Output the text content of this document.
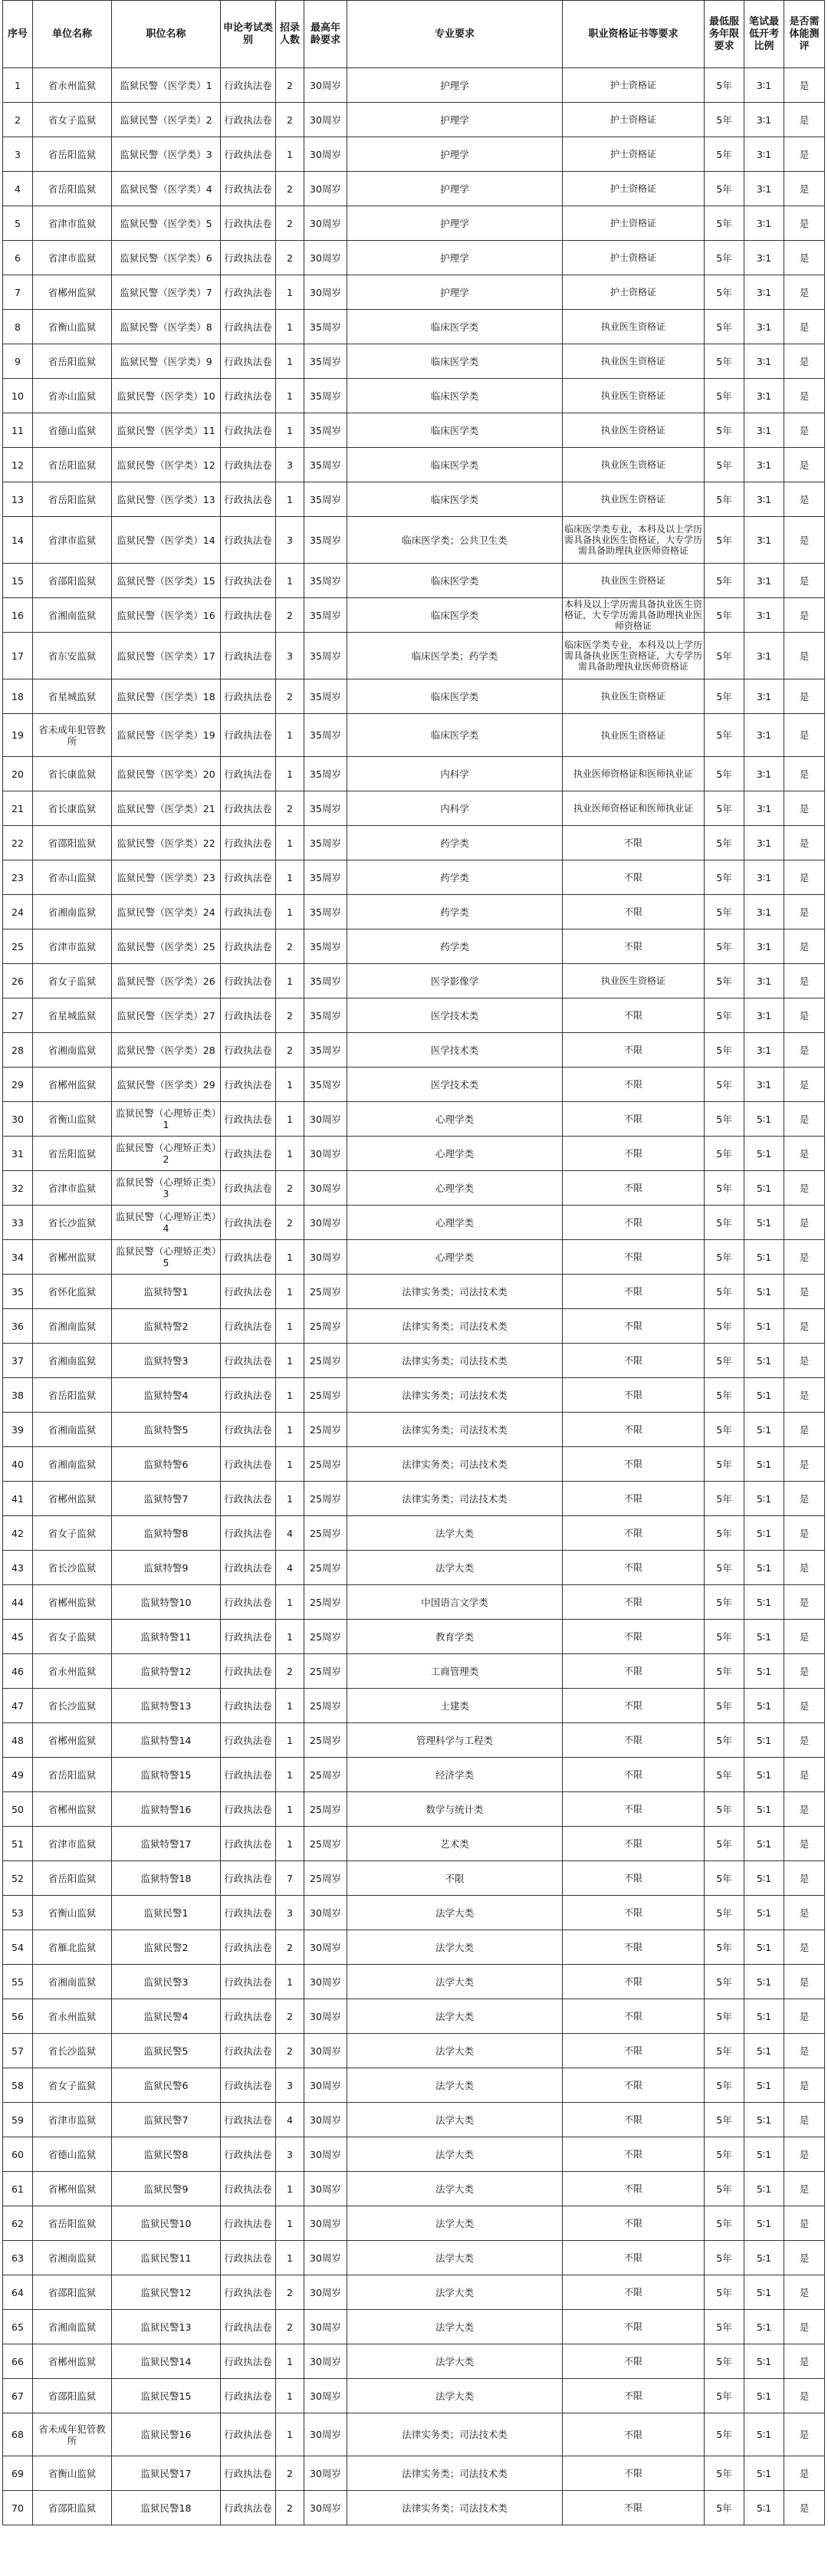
序号	单位名称	职位名称	申论考试类别	招录人数	最高年龄要求	专业要求	职业资格证书等要求	最低服务年限要求	笔试最低开考比例	是否需体能测评
1	省永州监狱	监狱民警（医学类）1	行政执法卷	2	30周岁	护理学	护士资格证	5年	3∶1	是
2	省女子监狱	监狱民警（医学类）2	行政执法卷	2	30周岁	护理学	护士资格证	5年	3∶1	是
3	省岳阳监狱	监狱民警（医学类）3	行政执法卷	1	30周岁	护理学	护士资格证	5年	3∶1	是
4	省岳阳监狱	监狱民警（医学类）4	行政执法卷	2	30周岁	护理学	护士资格证	5年	3∶1	是
5	省津市监狱	监狱民警（医学类）5	行政执法卷	2	30周岁	护理学	护士资格证	5年	3∶1	是
6	省津市监狱	监狱民警（医学类）6	行政执法卷	2	30周岁	护理学	护士资格证	5年	3∶1	是
7	省郴州监狱	监狱民警（医学类）7	行政执法卷	1	30周岁	护理学	护士资格证	5年	3∶1	是
8	省衡山监狱	监狱民警（医学类）8	行政执法卷	1	35周岁	临床医学类	执业医生资格证	5年	3∶1	是
9	省岳阳监狱	监狱民警（医学类）9	行政执法卷	1	35周岁	临床医学类	执业医生资格证	5年	3∶1	是
10	省赤山监狱	监狱民警（医学类）10	行政执法卷	1	35周岁	临床医学类	执业医生资格证	5年	3∶1	是
11	省德山监狱	监狱民警（医学类）11	行政执法卷	1	35周岁	临床医学类	执业医生资格证	5年	3∶1	是
12	省岳阳监狱	监狱民警（医学类）12	行政执法卷	3	35周岁	临床医学类	执业医生资格证	5年	3∶1	是
13	省岳阳监狱	监狱民警（医学类）13	行政执法卷	1	35周岁	临床医学类	执业医生资格证	5年	3∶1	是
14	省津市监狱	监狱民警（医学类）14	行政执法卷	3	35周岁	临床医学类；公共卫生类	临床医学类专业，本科及以上学历需具备执业医生资格证，大专学历需具备助理执业医师资格证	5年	3∶1	是
15	省邵阳监狱	监狱民警（医学类）15	行政执法卷	1	35周岁	临床医学类	执业医生资格证	5年	3∶1	是
16	省湘南监狱	监狱民警（医学类）16	行政执法卷	2	35周岁	临床医学类	本科及以上学历需具备执业医生资格证，大专学历需具备助理执业医师资格证	5年	3∶1	是
17	省东安监狱	监狱民警（医学类）17	行政执法卷	3	35周岁	临床医学类；药学类	临床医学类专业，本科及以上学历需具备执业医生资格证，大专学历需具备助理执业医师资格证	5年	3∶1	是
18	省星城监狱	监狱民警（医学类）18	行政执法卷	2	35周岁	临床医学类	执业医生资格证	5年	3∶1	是
19	省未成年犯管教所	监狱民警（医学类）19	行政执法卷	1	35周岁	临床医学类	执业医生资格证	5年	3∶1	是
20	省长康监狱	监狱民警（医学类）20	行政执法卷	1	35周岁	内科学	执业医师资格证和医师执业证	5年	3∶1	是
21	省长康监狱	监狱民警（医学类）21	行政执法卷	2	35周岁	内科学	执业医师资格证和医师执业证	5年	3∶1	是
22	省邵阳监狱	监狱民警（医学类）22	行政执法卷	1	35周岁	药学类	不限	5年	3∶1	是
23	省赤山监狱	监狱民警（医学类）23	行政执法卷	1	35周岁	药学类	不限	5年	3∶1	是
24	省湘南监狱	监狱民警（医学类）24	行政执法卷	1	35周岁	药学类	不限	5年	3∶1	是
25	省津市监狱	监狱民警（医学类）25	行政执法卷	2	35周岁	药学类	不限	5年	3∶1	是
26	省女子监狱	监狱民警（医学类）26	行政执法卷	1	35周岁	医学影像学	执业医生资格证	5年	3∶1	是
27	省星城监狱	监狱民警（医学类）27	行政执法卷	2	35周岁	医学技术类	不限	5年	3∶1	是
28	省湘南监狱	监狱民警（医学类）28	行政执法卷	2	35周岁	医学技术类	不限	5年	3∶1	是
29	省郴州监狱	监狱民警（医学类）29	行政执法卷	1	35周岁	医学技术类	不限	5年	3∶1	是
30	省衡山监狱	监狱民警（心理矫正类）1	行政执法卷	1	30周岁	心理学类	不限	5年	5∶1	是
31	省岳阳监狱	监狱民警（心理矫正类）2	行政执法卷	1	30周岁	心理学类	不限	5年	5∶1	是
32	省津市监狱	监狱民警（心理矫正类）3	行政执法卷	2	30周岁	心理学类	不限	5年	5∶1	是
33	省长沙监狱	监狱民警（心理矫正类）4	行政执法卷	2	30周岁	心理学类	不限	5年	5∶1	是
34	省郴州监狱	监狱民警（心理矫正类）5	行政执法卷	1	30周岁	心理学类	不限	5年	5∶1	是
35	省怀化监狱	监狱特警1	行政执法卷	1	25周岁	法律实务类；司法技术类	不限	5年	5∶1	是
36	省湘南监狱	监狱特警2	行政执法卷	1	25周岁	法律实务类；司法技术类	不限	5年	5∶1	是
37	省湘南监狱	监狱特警3	行政执法卷	1	25周岁	法律实务类；司法技术类	不限	5年	5∶1	是
38	省岳阳监狱	监狱特警4	行政执法卷	1	25周岁	法律实务类；司法技术类	不限	5年	5∶1	是
39	省湘南监狱	监狱特警5	行政执法卷	1	25周岁	法律实务类；司法技术类	不限	5年	5∶1	是
40	省湘南监狱	监狱特警6	行政执法卷	1	25周岁	法律实务类；司法技术类	不限	5年	5∶1	是
41	省郴州监狱	监狱特警7	行政执法卷	1	25周岁	法律实务类；司法技术类	不限	5年	5∶1	是
42	省女子监狱	监狱特警8	行政执法卷	4	25周岁	法学大类	不限	5年	5∶1	是
43	省长沙监狱	监狱特警9	行政执法卷	4	25周岁	法学大类	不限	5年	5∶1	是
44	省郴州监狱	监狱特警10	行政执法卷	1	25周岁	中国语言文学类	不限	5年	5∶1	是
45	省女子监狱	监狱特警11	行政执法卷	1	25周岁	教育学类	不限	5年	5∶1	是
46	省永州监狱	监狱特警12	行政执法卷	2	25周岁	工商管理类	不限	5年	5∶1	是
47	省长沙监狱	监狱特警13	行政执法卷	1	25周岁	土建类	不限	5年	5∶1	是
48	省郴州监狱	监狱特警14	行政执法卷	1	25周岁	管理科学与工程类	不限	5年	5∶1	是
49	省岳阳监狱	监狱特警15	行政执法卷	1	25周岁	经济学类	不限	5年	5∶1	是
50	省郴州监狱	监狱特警16	行政执法卷	1	25周岁	数学与统计类	不限	5年	5∶1	是
51	省津市监狱	监狱特警17	行政执法卷	1	25周岁	艺术类	不限	5年	5∶1	是
52	省岳阳监狱	监狱特警18	行政执法卷	7	25周岁	不限	不限	5年	5∶1	是
53	省衡山监狱	监狱民警1	行政执法卷	3	30周岁	法学大类	不限	5年	5∶1	是
54	省雁北监狱	监狱民警2	行政执法卷	2	30周岁	法学大类	不限	5年	5∶1	是
55	省湘南监狱	监狱民警3	行政执法卷	1	30周岁	法学大类	不限	5年	5∶1	是
56	省永州监狱	监狱民警4	行政执法卷	2	30周岁	法学大类	不限	5年	5∶1	是
57	省长沙监狱	监狱民警5	行政执法卷	2	30周岁	法学大类	不限	5年	5∶1	是
58	省女子监狱	监狱民警6	行政执法卷	3	30周岁	法学大类	不限	5年	5∶1	是
59	省津市监狱	监狱民警7	行政执法卷	4	30周岁	法学大类	不限	5年	5∶1	是
60	省德山监狱	监狱民警8	行政执法卷	3	30周岁	法学大类	不限	5年	5∶1	是
61	省郴州监狱	监狱民警9	行政执法卷	1	30周岁	法学大类	不限	5年	5∶1	是
62	省岳阳监狱	监狱民警10	行政执法卷	1	30周岁	法学大类	不限	5年	5∶1	是
63	省湘南监狱	监狱民警11	行政执法卷	1	30周岁	法学大类	不限	5年	5∶1	是
64	省邵阳监狱	监狱民警12	行政执法卷	2	30周岁	法学大类	不限	5年	5∶1	是
65	省湘南监狱	监狱民警13	行政执法卷	2	30周岁	法学大类	不限	5年	5∶1	是
66	省郴州监狱	监狱民警14	行政执法卷	1	30周岁	法学大类	不限	5年	5∶1	是
67	省邵阳监狱	监狱民警15	行政执法卷	1	30周岁	法学大类	不限	5年	5∶1	是
68	省未成年犯管教所	监狱民警16	行政执法卷	1	30周岁	法律实务类；司法技术类	不限	5年	5∶1	是
69	省衡山监狱	监狱民警17	行政执法卷	2	30周岁	法律实务类；司法技术类	不限	5年	5∶1	是
70	省邵阳监狱	监狱民警18	行政执法卷	2	30周岁	法律实务类；司法技术类	不限	5年	5∶1	是
